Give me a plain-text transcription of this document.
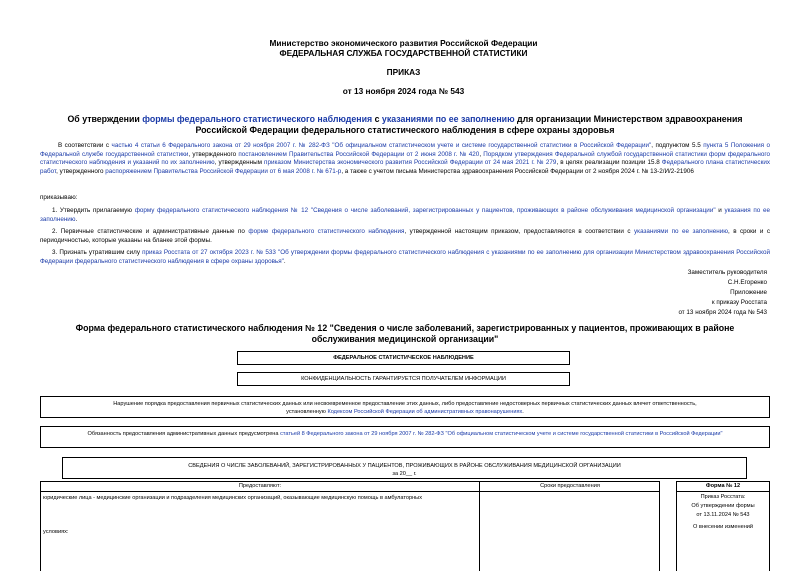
Министерство экономического развития Российской Федерации
ФЕДЕРАЛЬНАЯ СЛУЖБА ГОСУДАРСТВЕННОЙ СТАТИСТИКИ
ПРИКАЗ
от 13 ноября 2024 года № 543
Об утверждении формы федерального статистического наблюдения с указаниями по ее заполнению для организации Министерством здравоохранения
Российской Федерации федерального статистического наблюдения в сфере охраны здоровья
В соответствии с частью 4 статьи 6 Федерального закона от 29 ноября 2007 г. № 282-ФЗ "Об официальном статистическом учете и системе государственной статистики в Российской Федерации", подпунктом 5.5 пункта 5 Положения о Федеральной службе государственной статистики, утвержденного постановлением Правительства Российской Федерации от 2 июня 2008 г. № 420, Порядком утверждения Федеральной службой государственной статистики форм федерального статистического наблюдения и указаний по их заполнению, утвержденным приказом Министерства экономического развития Российской Федерации от 24 мая 2021 г. № 279, в целях реализации позиции 15.8 Федерального плана статистических работ, утвержденного распоряжением Правительства Российской Федерации от 6 мая 2008 г. № 671-р, а также с учетом письма Министерства здравоохранения Российской Федерации от 2 ноября 2024 г. № 13-2/И/2-21906
приказываю:
1. Утвердить прилагаемую форму федерального статистического наблюдения № 12 "Сведения о числе заболеваний, зарегистрированных у пациентов, проживающих в районе обслуживания медицинской организации" и указания по ее заполнению.
2. Первичные статистические и административные данные по форме федерального статистического наблюдения, утвержденной настоящим приказом, предоставляются в соответствии с указаниями по ее заполнению, в сроки и с периодичностью, которые указаны на бланке этой формы.
3. Признать утратившим силу приказ Росстата от 27 октября 2023 г. № 533 "Об утверждении формы федерального статистического наблюдения с указаниями по ее заполнению для организации Министерством здравоохранения Российской Федерации федерального статистического наблюдения в сфере охраны здоровья".
Заместитель руководителя
С.Н.Егоренко
Приложение
к приказу Росстата
от 13 ноября 2024 года № 543
Форма федерального статистического наблюдения № 12 "Сведения о числе заболеваний, зарегистрированных у пациентов, проживающих в районе
обслуживания медицинской организации"
ФЕДЕРАЛЬНОЕ СТАТИСТИЧЕСКОЕ НАБЛЮДЕНИЕ
КОНФИДЕНЦИАЛЬНОСТЬ ГАРАНТИРУЕТСЯ ПОЛУЧАТЕЛЕМ ИНФОРМАЦИИ
Нарушение порядка предоставления первичных статистических данных или несвоевременное предоставление этих данных, либо предоставление недостоверных первичных статистических данных влечет ответственность,
установленную Кодексом Российской Федерации об административных правонарушениях.
Обязанность предоставления административных данных предусмотрена статьей 8 Федерального закона от 29 ноября 2007 г. № 282-ФЗ "Об официальном статистическом учете и системе государственной статистики в Российской Федерации"
СВЕДЕНИЯ О ЧИСЛЕ ЗАБОЛЕВАНИЙ, ЗАРЕГИСТРИРОВАННЫХ У ПАЦИЕНТОВ, ПРОЖИВАЮЩИХ В РАЙОНЕ ОБСЛУЖИВАНИЯ МЕДИЦИНСКОЙ ОРГАНИЗАЦИИ
за 20__ г.
Предоставляют:	Сроки предоставления	Форма № 12
юридические лица - медицинские организации и подразделения медицинских организаций, оказывающие медицинскую помощь в амбулаторных
условиях:
Приказ Росстата:
Об утверждении формы
от 13.11.2024 № 543
О внесении изменений
